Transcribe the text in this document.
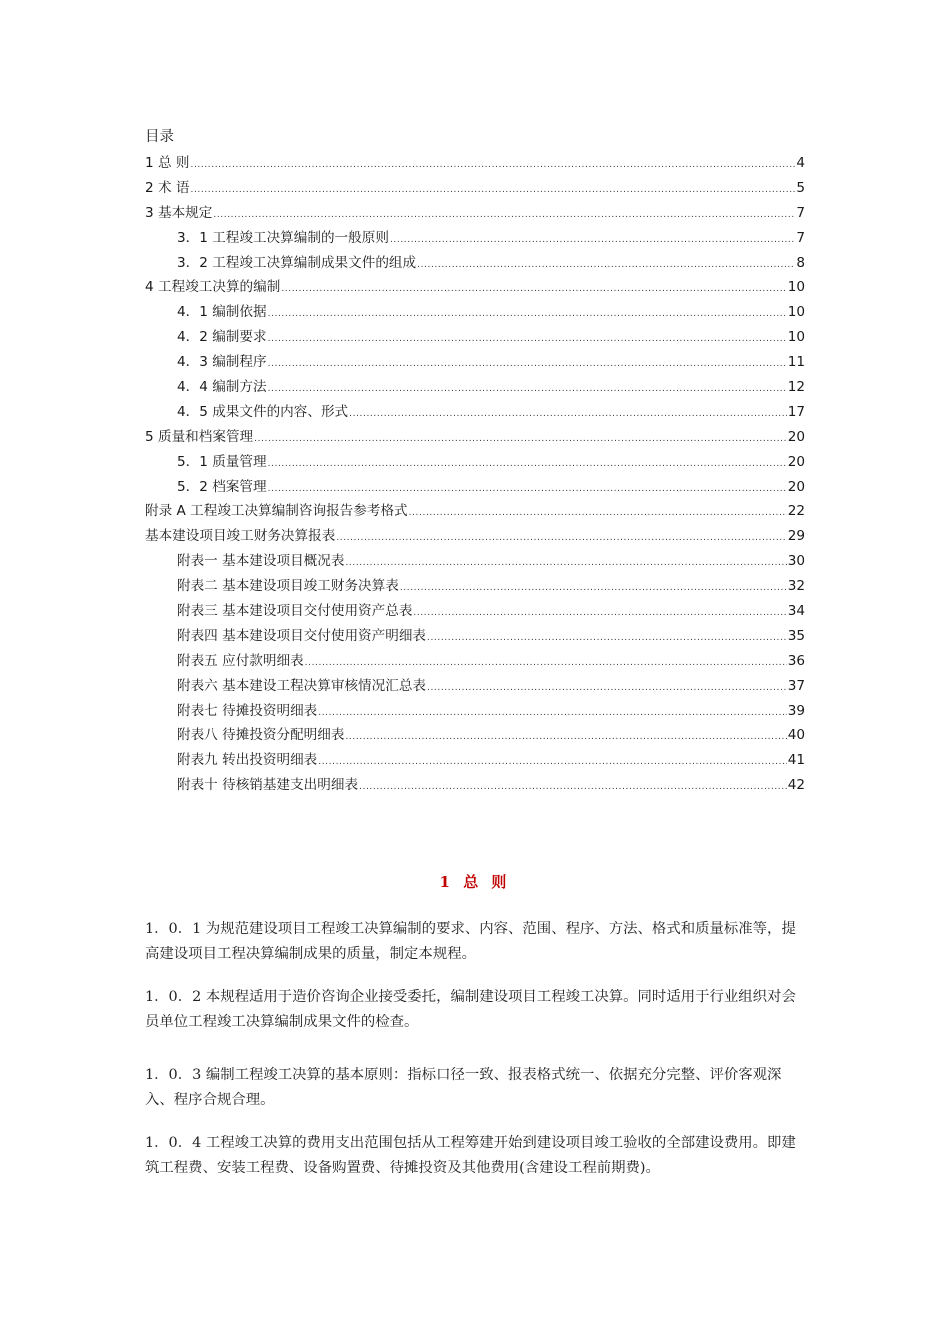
目录
1 总 则 .....	4
2 术 语 .....	5
3 基本规定 .....	7
3．1 工程竣工决算编制的一般原则 .....	7
3．2 工程竣工决算编制成果文件的组成 .....	8
4 工程竣工决算的编制 .....	10
4．1 编制依据 .....	10
4．2 编制要求 .....	10
4．3 编制程序 .....	11
4．4 编制方法 .....	12
4．5 成果文件的内容、形式 .....	17
5 质量和档案管理 .....	20
5．1 质量管理 .....	20
5．2 档案管理 .....	20
附录 A 工程竣工决算编制咨询报告参考格式 .....	22
基本建设项目竣工财务决算报表 .....	29
附表一 基本建设项目概况表 .....	30
附表二 基本建设项目竣工财务决算表 .....	32
附表三 基本建设项目交付使用资产总表 .....	34
附表四 基本建设项目交付使用资产明细表 .....	35
附表五 应付款明细表 .....	36
附表六 基本建设工程决算审核情况汇总表 .....	37
附表七 待摊投资明细表 .....	39
附表八 待摊投资分配明细表 .....	40
附表九 转出投资明细表 .....	41
附表十 待核销基建支出明细表 .....	42
1 总 则
1．0．1 为规范建设项目工程竣工决算编制的要求、内容、范围、程序、方法、格式和质量标准等，提高建设项目工程决算编制成果的质量，制定本规程。
1．0．2 本规程适用于造价咨询企业接受委托，编制建设项目工程竣工决算。同时适用于行业组织对会员单位工程竣工决算编制成果文件的检查。
1．0．3 编制工程竣工决算的基本原则：指标口径一致、报表格式统一、依据充分完整、评价客观深入、程序合规合理。
1．0．4 工程竣工决算的费用支出范围包括从工程筹建开始到建设项目竣工验收的全部建设费用。即建筑工程费、安装工程费、设备购置费、待摊投资及其他费用(含建设工程前期费)。
